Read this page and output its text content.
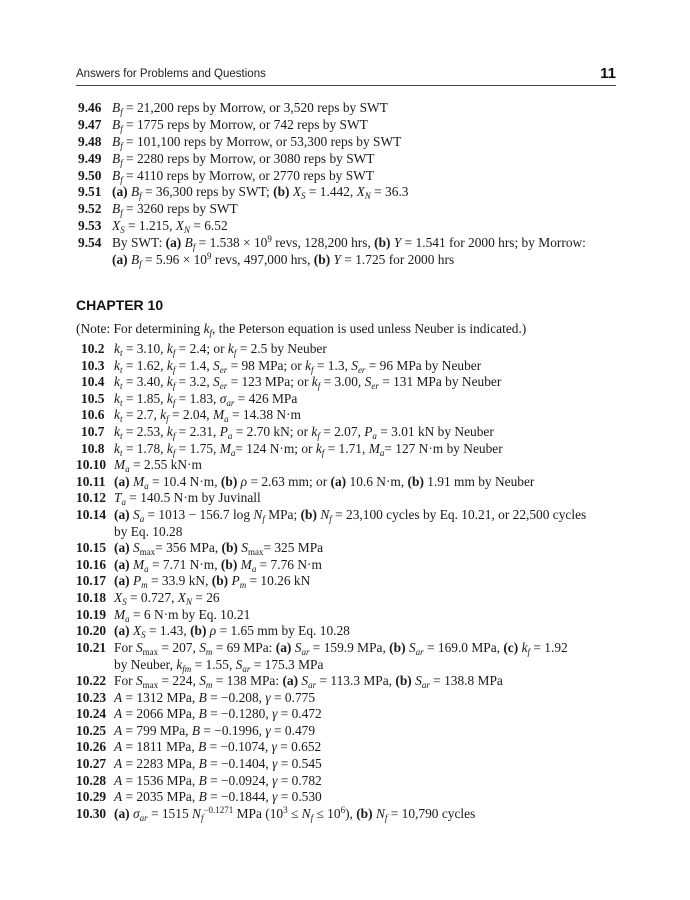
Answers for Problems and Questions	11
9.46 $B_f = 21,200$ reps by Morrow, or 3,520 reps by SWT
9.47 $B_f = 1775$ reps by Morrow, or 742 reps by SWT
9.48 $B_f = 101,100$ reps by Morrow, or 53,300 reps by SWT
9.49 $B_f = 2280$ reps by Morrow, or 3080 reps by SWT
9.50 $B_f = 4110$ reps by Morrow, or 2770 reps by SWT
9.51 (a) $B_f = 36,300$ reps by SWT; (b) $X_S = 1.442$, $X_N = 36.3$
9.52 $B_f = 3260$ reps by SWT
9.53 $X_S = 1.215$, $X_N = 6.52$
9.54 By SWT: (a) $B_f = 1.538 \times 10^9$ revs, 128,200 hrs, (b) Y = 1.541 for 2000 hrs; by Morrow:
(a) $B_f = 5.96 \times 10^9$ revs, 497,000 hrs, (b) Y = 1.725 for 2000 hrs
CHAPTER 10
(Note: For determining $k_f$, the Peterson equation is used unless Neuber is indicated.)
10.2 $k_t = 3.10$, $k_f = 2.4$; or $k_f = 2.5$ by Neuber
10.3 $k_t = 1.62$, $k_f = 1.4$, $S_{er} = 98$ MPa; or $k_f = 1.3$, $S_{er} = 96$ MPa by Neuber
10.4 $k_t = 3.40$, $k_f = 3.2$, $S_{er} = 123$ MPa; or $k_f = 3.00$, $S_{er} = 131$ MPa by Neuber
10.5 $k_t = 1.85$, $k_f = 1.83$, $\sigma_{ar} = 426$ MPa
10.6 $k_t = 2.7$, $k_f = 2.04$, $M_a = 14.38$ N·m
10.7 $k_t = 2.53$, $k_f = 2.31$, $P_a = 2.70$ kN; or $k_f = 2.07$, $P_a = 3.01$ kN by Neuber
10.8 $k_t = 1.78$, $k_f = 1.75$, $M_a= 124$ N·m; or $k_f = 1.71$, $M_a= 127$ N·m by Neuber
10.10 $M_a = 2.55$ kN·m
10.11 (a) $M_a = 10.4$ N·m, (b) ρ = 2.63 mm; or (a) 10.6 N·m, (b) 1.91 mm by Neuber
10.12 $T_a = 140.5$ N·m by Juvinall
10.14 (a) $S_a = 1013 - 156.7$ $\log N_f$ MPa; (b) $N_f = 23,100$ cycles by Eq. 10.21, or 22,500 cycles
by Eq. 10.28
10.15 (a) $S_{max}= 356$ MPa, (b) $S_{max}= 325$ MPa
10.16 (a) $M_a = 7.71$ N·m, (b) $M_a = 7.76$ N·m
10.17 (a) $P_m = 33.9$ kN, (b) $P_m = 10.26$ kN
10.18 $X_S = 0.727$, $X_N = 26$
10.19 $M_a = 6$ N·m by Eq. 10.21
10.20 (a) $X_S = 1.43$, (b) ρ = 1.65 mm by Eq. 10.28
10.21 For $S_{max} = 207$, $S_m = 69$ MPa: (a) $S_{ar} = 159.9$ MPa, (b) $S_{ar} = 169.0$ MPa, (c) $k_f = 1.92$
by Neuber, $k_{fm} = 1.55$, $S_{ar} = 175.3$ MPa
10.22 For $S_{max} = 224$, $S_m = 138$ MPa: (a) $S_{ar} = 113.3$ MPa, (b) $S_{ar} = 138.8$ MPa
10.23 A = 1312 MPa, B = −0.208, γ = 0.775
10.24 A = 2066 MPa, B = −0.1280, γ = 0.472
10.25 A = 799 MPa, B = −0.1996, γ = 0.479
10.26 A = 1811 MPa, B = −0.1074, γ = 0.652
10.27 A = 2283 MPa, B = −0.1404, γ = 0.545
10.28 A = 1536 MPa, B = −0.0924, γ = 0.782
10.29 A = 2035 MPa, B = −0.1844, γ = 0.530
10.30 (a) $\sigma_{ar} = 1515$ $N_f^{-0.1271}$ MPa $(10^3 \le N_f \le 10^6)$, (b) $N_f = 10,790$ cycles
